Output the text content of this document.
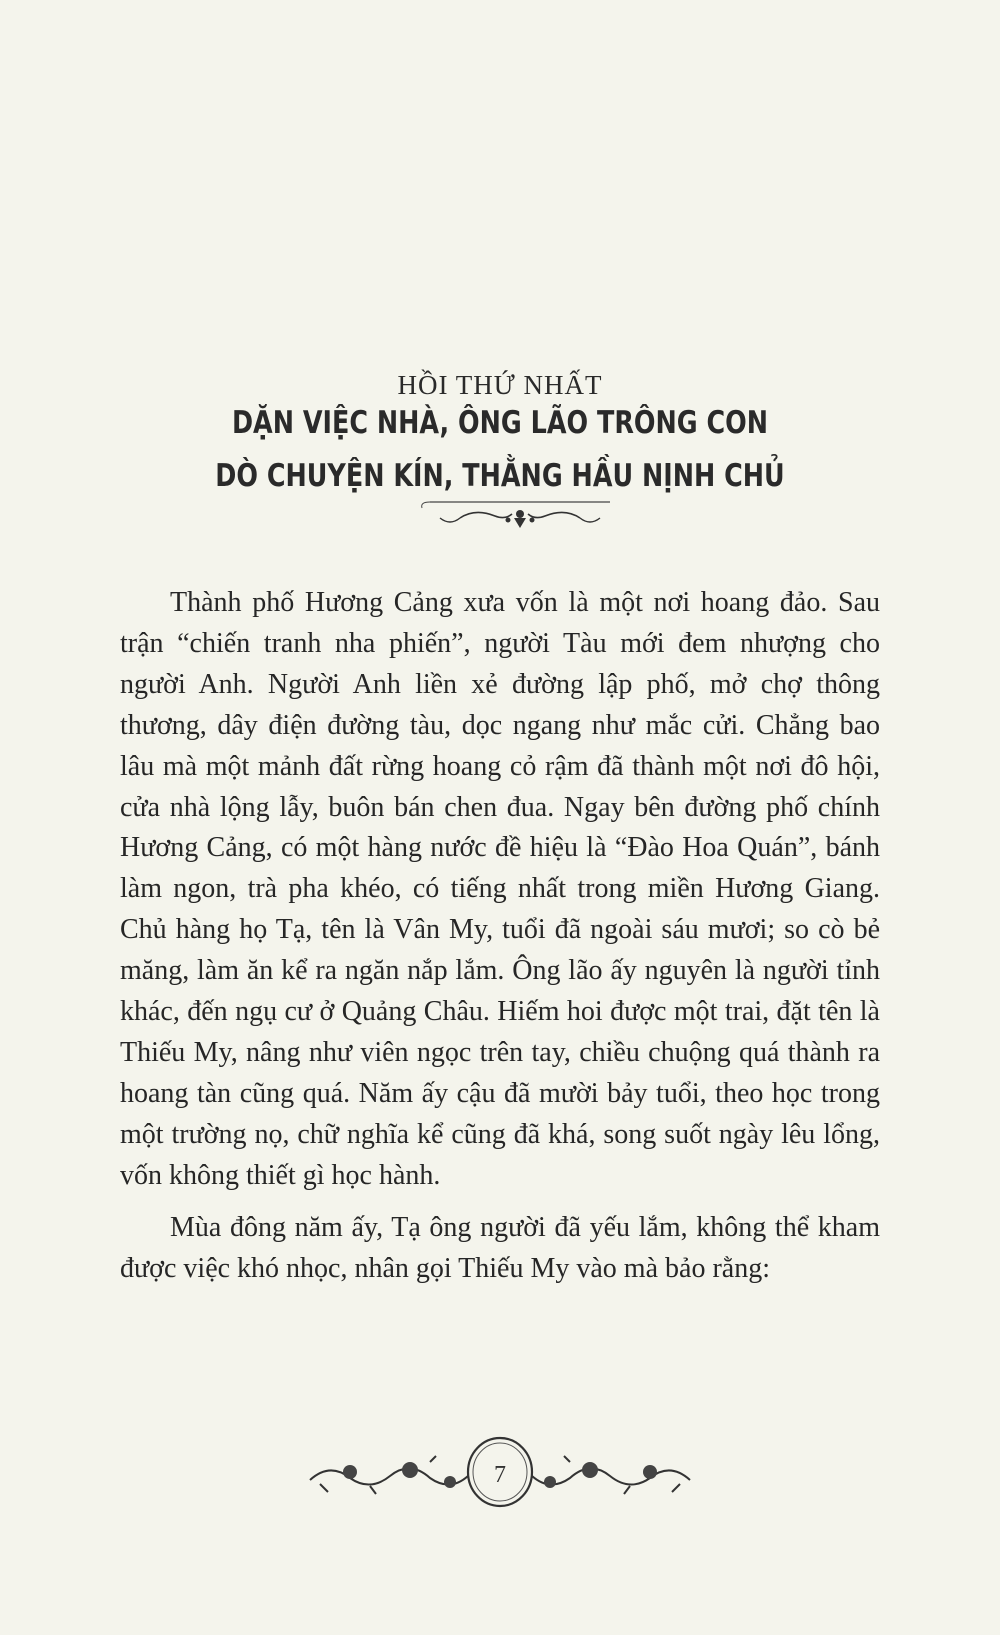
HỒI THỨ NHẤT
DẶN VIỆC NHÀ, ÔNG LÃO TRÔNG CON
DÒ CHUYỆN KÍN, THẰNG HẦU NỊNH CHỦ

Thành phố Hương Cảng xưa vốn là một nơi hoang đảo. Sau trận “chiến tranh nha phiến”, người Tàu mới đem nhượng cho người Anh. Người Anh liền xẻ đường lập phố, mở chợ thông thương, dây điện đường tàu, dọc ngang như mắc cửi. Chẳng bao lâu mà một mảnh đất rừng hoang cỏ rậm đã thành một nơi đô hội, cửa nhà lộng lẫy, buôn bán chen đua. Ngay bên đường phố chính Hương Cảng, có một hàng nước đề hiệu là “Đào Hoa Quán”, bánh làm ngon, trà pha khéo, có tiếng nhất trong miền Hương Giang. Chủ hàng họ Tạ, tên là Vân My, tuổi đã ngoài sáu mươi; so cò bẻ măng, làm ăn kể ra ngăn nắp lắm. Ông lão ấy nguyên là người tỉnh khác, đến ngụ cư ở Quảng Châu. Hiếm hoi được một trai, đặt tên là Thiếu My, nâng như viên ngọc trên tay, chiều chuộng quá thành ra hoang tàn cũng quá. Năm ấy cậu đã mười bảy tuổi, theo học trong một trường nọ, chữ nghĩa kể cũng đã khá, song suốt ngày lêu lổng, vốn không thiết gì học hành.

Mùa đông năm ấy, Tạ ông người đã yếu lắm, không thể kham được việc khó nhọc, nhân gọi Thiếu My vào mà bảo rằng:

7
